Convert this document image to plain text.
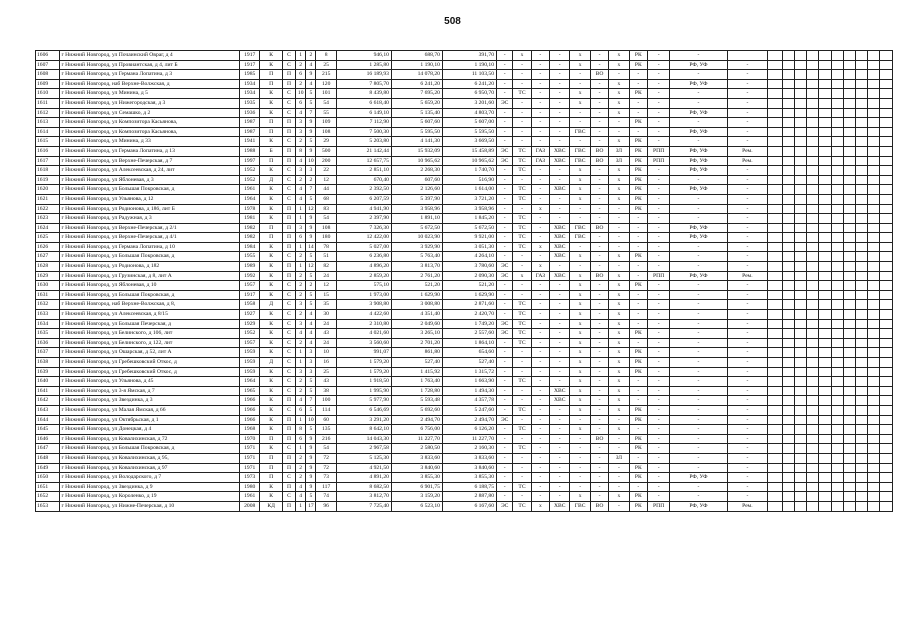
508
1606	г Нижний Новгород, ул Почаинский Овраг, д 4	1917	К	С	1	2	8	946,10	688,70	391,70	-	х	-	-	х	-	х	РК	-	-											
1607	г Нижний Новгород, ул Провиантская, д 4, лит Б	1917	К	С	2	4	25	1 285,80	1 190,10	1 190,10	-	-	-	-	х	-	х	РК	-	РФ, УФ	-										
1608	г Нижний Новгород, ул Германа Лопатина, д 3	1985	П	П	6	9	215	16 189,93	14 078,20	11 103,50	-	-	-	-	-	ВО	-	-	-	-	-										
1609	г Нижний Новгород, наб Верхне-Волжская, д	1934	П	П	2	4	120	7 805,70	6 241,20	6 241,20	-	-	-	-	-	-	х	-	-	РФ, УФ	-										
1610	г Нижний Новгород, ул Минина, д 5	1934	К	С	10	5	101	8 439,80	7 695,20	6 950,70	-	ТС	-	-	х	-	х	РК	-	-	-										
1611	г Нижний Новгород, ул Нижегородская, д 3	1935	К	С	6	5	54	6 618,40	5 659,20	3 201,60	ЭС	-	-	-	х	-	х	-	-	-	-										
1612	г Нижний Новгород, ул Семашко, д 2	1936	К	С	4	7	55	6 149,10	5 135,40	4 803,70	-	-	-	-	-	-	х	-	-	РФ, УФ	-										
1613	г Нижний Новгород, ул Композитора Касьянова,	1987	П	П	3	9	109	7 112,90	5 607,60	5 607,00	-	-	-	-	-	-	-	РК	-	-	-										
1614	г Нижний Новгород, ул Композитора Касьянова,	1987	П	П	3	9	108	7 500,30	5 595,50	5 595,50	-	-	-	-	ГВС	-	-	-	-	РФ, УФ	-										
1615	г Нижний Новгород, ул Минина, д 33	1941	К	С	2	5	29	5 203,80	4 141,30	3 669,50	-	-	-	-	-	-	х	РК	-	-	-										
1616	г Нижний Новгород, ул Германа Лопатина, д 13	1988	Б	П	8	9	500	21 142,44	15 932,09	15 458,89	ЭС	ТС	ГАЗ	ХВС	ГВС	ВО	ЗЛ	РК	РПП	РФ, УФ	Рем.										
1617	г Нижний Новгород, ул Верхне-Печерская, д 7	1997	П	П	4	10	200	12 657,75	10 965,62	10 965,62	ЭС	ТС	ГАЗ	ХВС	ГВС	ВО	ЗЛ	РК	РПП	РФ, УФ	Рем.										
1618	г Нижний Новгород, ул Алексеевская, д 24, лит	1952	К	С	3	3	22	2 851,10	2 268,30	1 740,70	-	ТС	-	-	х	-	х	РК	-	РФ, УФ	-										
1619	г Нижний Новгород, ул Яблоневая, д 3	1952	Д	С	2	2	12	670,40	607,60	516,90	-	-	-	-	х	-	х	РК	-	-	-										
1620	г Нижний Новгород, ул Большая Покровская, д	1961	К	С	4	7	44	2 392,50	2 126,60	1 614,00	-	ТС	-	ХВС	х	-	х	РК	-	РФ, УФ	-										
1621	г Нижний Новгород, ул Ульянова, д 12	1964	К	С	4	5	68	6 207,59	5 397,90	3 721,20	-	ТС	-	-	х	-	х	РК	-	-	-										
1622	г Нижний Новгород, ул Родионова, д 186, лит Б	1978	К	П	1	12	83	4 941,90	3 958,96	3 958,96	-	-	х	-	-	-	-	РК	-	-	-										
1623	г Нижний Новгород, ул Радужная, д 3	1981	К	П	1	9	54	2 397,90	1 891,10	1 845,20	-	ТС	-	-	-	-	-	-	-	-	-										
1624	г Нижний Новгород, ул Верхне-Печерская, д 2/1	1982	П	П	3	9	108	7 326,30	5 672,50	5 672,50	-	ТС	-	ХВС	ГВС	ВО	-	-	-	РФ, УФ	-										
1625	г Нижний Новгород, ул Верхне-Печерская, д 4/1	1982	П	П	6	9	180	12 422,00	10 023,90	9 921,00	-	ТС	-	ХВС	ГВС	-	-	-	-	РФ, УФ	-										
1626	г Нижний Новгород, ул Германа Лопатина, д 10	1984	К	П	1	14	78	5 027,00	3 929,90	3 051,30	-	ТС	х	ХВС	-	-	-	-	-	-	-										
1627	г Нижний Новгород, ул Большая Покровская, д	1955	К	С	2	5	51	6 236,80	5 763,40	4 264,10	-	-	-	ХВС	х	-	х	РК	-	-	-										
1628	г Нижний Новгород, ул Родионова, д 182	1989	К	П	1	12	82	4 896,20	3 813,70	3 780,60	ЭС	-	х	-	-	-	-	-	-	-	-										
1629	г Нижний Новгород, ул Грузинская, д 8, лит А	1992	К	П	2	5	24	2 859,20	2 761,20	2 090,30	ЭС	х	ГАЗ	ХВС	х	ВО	х	-	РПП	РФ, УФ	Рем.										
1630	г Нижний Новгород, ул Яблоневая, д 10	1957	К	С	2	2	12	575,10	521,20	521,20	-	-	-	-	х	-	х	РК	-	-	-										
1631	г Нижний Новгород, ул Большая Покровская, д	1917	К	С	2	5	15	1 973,00	1 629,90	1 629,90	-	-	-	-	х	-	х	-	-	-	-										
1632	г Нижний Новгород, наб Верхне-Волжская, д 8,	1958	Д	С	3	5	35	3 908,80	3 008,80	2 871,60	-	ТС	-	-	х	-	х	-	-	-	-										
1633	г Нижний Новгород, ул Алексеевская, д 8/15	1927	К	С	2	4	30	4 422,60	4 351,40	2 420,70	-	ТС	-	-	х	-	х	-	-	-	-										
1634	г Нижний Новгород, ул Большая Печерская, д	1929	К	С	3	4	24	2 310,80	2 049,60	1 749,20	ЭС	ТС	-	-	х	-	х	-	-	-	-										
1635	г Нижний Новгород, ул Белинского, д 106, лит	1952	К	С	4	4	43	4 021,60	3 265,10	2 557,60	ЭС	ТС	-	-	х	-	х	РК	-	-	-										
1636	г Нижний Новгород, ул Белинского, д 122, лит	1957	К	С	2	4	24	3 560,60	2 701,20	1 864,10	-	ТС	-	-	х	-	х	-	-	-	-										
1637	г Нижний Новгород, ул Ошарская, д 52, лит А	1959	К	С	1	3	10	991,07	861,80	654,60	-	-	-	-	х	-	х	РК	-	-	-										
1638	г Нижний Новгород, ул Гребешковский Откос, д	1959	Д	С	1	3	16	1 579,20	527,40	527,40	-	-	-	-	х	-	х	РК	-	-	-										
1639	г Нижний Новгород, ул Гребешковский Откос, д	1959	К	С	3	3	25	1 579,20	1 415,92	1 315,72	-	-	-	-	х	-	х	РК	-	-	-										
1640	г Нижний Новгород, ул Ульянова, д 45	1964	К	С	2	5	43	1 918,50	1 763,40	1 663,90	-	ТС	-	-	х	-	х	-	-	-	-										
1641	г Нижний Новгород, ул 3-я Ямская, д 7	1965	К	С	2	5	38	1 995,90	1 728,80	1 494,30	-	-	-	ХВС	х	-	х	-	-	-	-										
1642	г Нижний Новгород, ул Звездинка, д 3	1966	К	П	4	7	100	5 977,90	5 593,48	4 357,78	-	-	-	ХВС	х	-	х	-	-	-	-										
1643	г Нижний Новгород, ул Малая Ямская, д 66	1966	К	С	6	5	114	6 546,69	5 692,60	5 247,60	-	ТС	-	-	х	-	х	РК	-	-	-										
1644	г Нижний Новгород, ул Октябрьская, д 1	1966	К	П	1	10	60	3 291,20	2 494,70	2 494,70	ЭС	-	-	-	-	-	-	РК	-	-	-										
1645	г Нижний Новгород, ул Донецкая, д 4	1968	К	П	8	5	135	8 642,10	6 756,00	6 126,20	-	ТС	-	-	х	-	х	-	-	-	-										
1646	г Нижний Новгород, ул Ковалихинская, д 72	1970	П	П	6	9	216	14 043,30	11 227,70	11 227,70	-	-	-	-	-	ВО	-	РК	-	-	-										
1647	г Нижний Новгород, ул Большая Покровская, д	1971	К	С	1	9	54	2 967,58	2 580,50	2 160,30	-	ТС	-	-	-	-	-	РК	-	-	-										
1648	г Нижний Новгород, ул Ковалихинская, д 95,	1971	П	П	2	9	72	5 125,30	3 833,60	3 833,60	-	-	-	-	-	-	ЗЛ	-	-	-	-										
1649	г Нижний Новгород, ул Ковалихинская, д 97	1971	П	П	2	9	72	4 921,50	3 840,60	3 840,60	-	-	-	-	-	-	-	РК	-	-	-										
1650	г Нижний Новгород, ул Володарского, д 7	1973	П	С	2	9	73	4 891,20	3 855,30	3 855,30	-	-	-	-	-	-	-	РК	-	РФ, УФ	-										
1651	г Нижний Новгород, ул Звездинка, д 9	1980	К	П	4	9	117	8 682,50	6 901,75	6 188,75	-	ТС	-	-	-	-	-	-	-	-	-										
1652	г Нижний Новгород, ул Короленко, д 19	1961	К	С	4	5	74	3 812,70	3 159,20	2 887,80	-	-	-	-	х	-	х	РК	-	-	-										
1653	г Нижний Новгород, ул Нижне-Печерская, д 10	2008	КД	П	1	17	96	7 725,40	6 523,10	6 167,60	ЭС	ТС	х	ХВС	ГВС	ВО	-	РК	РПП	РФ, УФ	Рем.										
